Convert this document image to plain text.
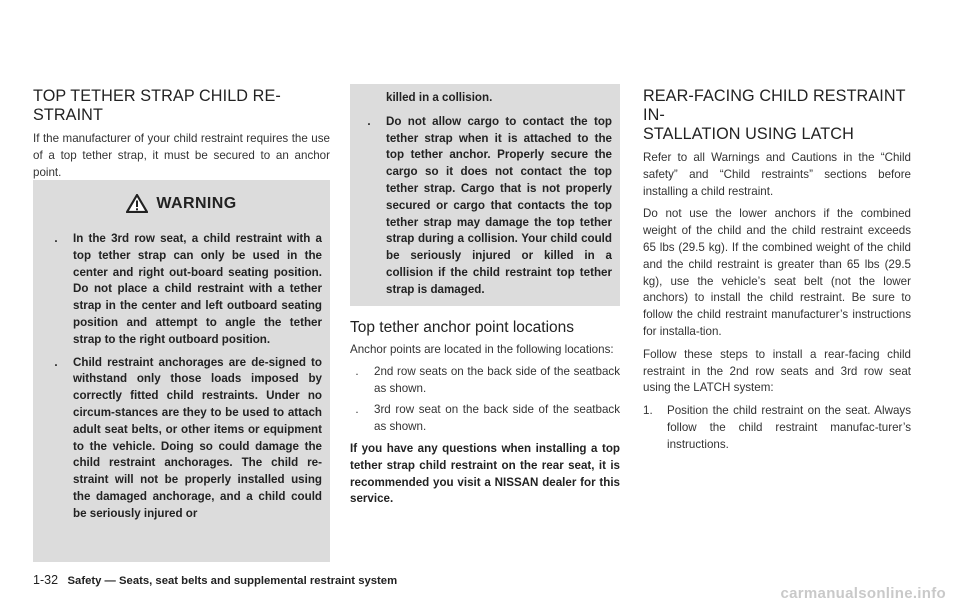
TOP TETHER STRAP CHILD RE-
STRAINT

If the manufacturer of your child restraint requires the use of a top tether strap, it must be secured to an anchor point.

WARNING
.	In the 3rd row seat, a child restraint with a top tether strap can only be used in the center and right out-board seating position. Do not place a child restraint with a tether strap in the center and left outboard seating position and attempt to angle the tether strap to the right outboard position.
.	Child restraint anchorages are de-signed to withstand only those loads imposed by correctly fitted child restraints. Under no circum-stances are they to be used to attach adult seat belts, or other items or equipment to the vehicle. Doing so could damage the child restraint anchorages. The child re-straint will not be properly installed using the damaged anchorage, and a child could be seriously injured or
killed in a collision.
.	Do not allow cargo to contact the top tether strap when it is attached to the top tether anchor. Properly secure the cargo so it does not contact the top tether strap. Cargo that is not properly secured or cargo that contacts the top tether strap may damage the top tether strap during a collision. Your child could be seriously injured or killed in a collision if the child restraint top tether strap is damaged.
Top tether anchor point locations

Anchor points are located in the following locations:

.	2nd row seats on the back side of the seatback as shown.
.	3rd row seat on the back side of the seatback as shown.

If you have any questions when installing a top tether strap child restraint on the rear seat, it is recommended you visit a NISSAN dealer for this service.

REAR-FACING CHILD RESTRAINT IN-
STALLATION USING LATCH

Refer to all Warnings and Cautions in the “Child safety” and “Child restraints” sections before installing a child restraint.

Do not use the lower anchors if the combined weight of the child and the child restraint exceeds 65 lbs (29.5 kg). If the combined weight of the child and the child restraint is greater than 65 lbs (29.5 kg), use the vehicle’s seat belt (not the lower anchors) to install the child restraint. Be sure to follow the child restraint manufacturer’s instructions for installa-tion.

Follow these steps to install a rear-facing child restraint in the 2nd row seats and 3rd row seat using the LATCH system:

1. Position the child restraint on the seat. Always follow the child restraint manufac-turer’s instructions.
1-32 Safety — Seats, seat belts and supplemental restraint system
carmanualsonline.info
